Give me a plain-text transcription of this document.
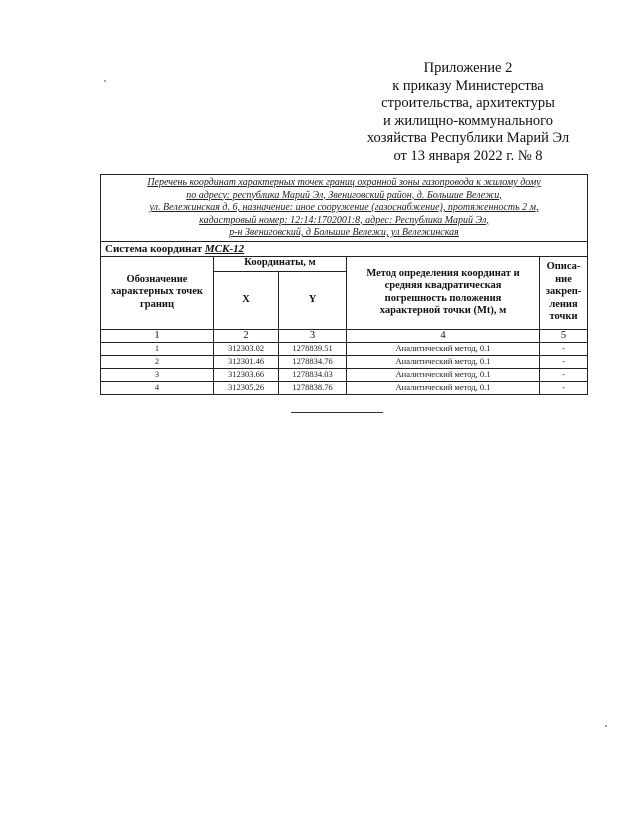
Приложение 2
к приказу Министерства
строительства, архитектуры
и жилищно-коммунального
хозяйства Республики Марий Эл
от 13 января 2022 г. № 8
Перечень координат характерных точек границ охранной зоны газопровода к жилому дому
по адресу: республика Марий Эл, Звениговский район, д. Большие Вележи,
ул. Вележинская д. 6, назначение: иное сооружение (газоснабжение), протяженность 2 м,
кадастровый номер: 12:14:1702001:8, адрес: Республика Марий Эл,
р-н Звениговский, д Большие Вележи, ул Вележинская				

Система координат МСК-12				
Обозначение характерных точек границ	Координаты, м		Метод определения координат и средняя квадратическая погрешность положения характерной точки (Mt), м	Описа-ние закреп-ления точки
	X	Y		
1	2	3	4	5
1	312303.02	1278839.51	Аналитический метод, 0.1	-
2	312301.46	1278834.76	Аналитический метод, 0.1	-
3	312303.66	1278834.03	Аналитический метод, 0.1	-
4	312305.26	1278838.76	Аналитический метод, 0.1	-
